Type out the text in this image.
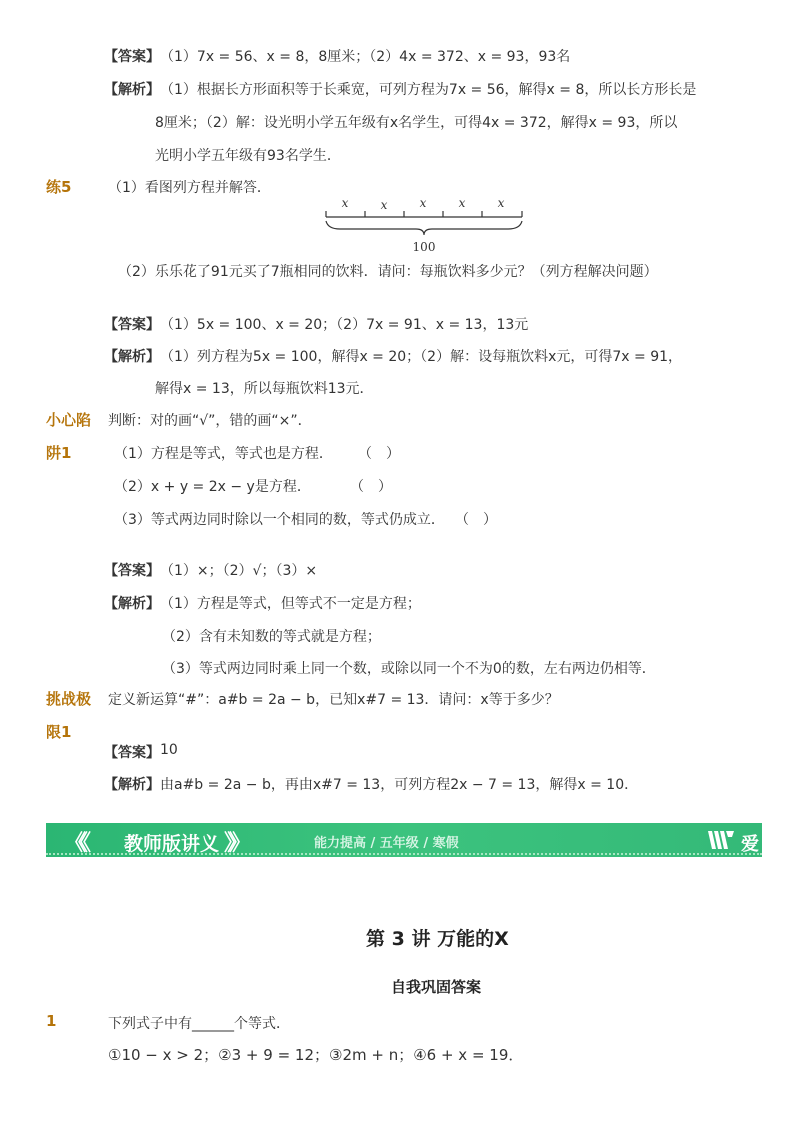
【答案】 （1）7x = 56、x = 8，8厘米；（2）4x = 372、x = 93，93名
【解析】 （1）根据长方形面积等于长乘宽，可列方程为7x = 56，解得x = 8，所以长方形长是
8厘米；（2）解：设光明小学五年级有x名学生，可得4x = 372，解得x = 93，所以
光明小学五年级有93名学生．
练5	（1）看图列方程并解答．
x	x	x	x	x
100
（2）乐乐花了91元买了7瓶相同的饮料．请问：每瓶饮料多少元？（列方程解决问题）
【答案】 （1）5x = 100、x = 20；（2）7x = 91、x = 13，13元
【解析】 （1）列方程为5x = 100，解得x = 20；（2）解：设每瓶饮料x元，可得7x = 91，
解得x = 13，所以每瓶饮料13元．
小心陷
阱1
判断：对的画“√”，错的画“×”．
（1）方程是等式，等式也是方程． （　）
（2）x + y = 2x − y是方程．	（　）
（3）等式两边同时除以一个相同的数，等式仍成立． （　）
【答案】 （1）×；（2）√；（3）×
【解析】 （1）方程是等式，但等式不一定是方程；
（2）含有未知数的等式就是方程；
（3）等式两边同时乘上同一个数，或除以同一个不为0的数，左右两边仍相等．
挑战极
限1
定义新运算“#”：a#b = 2a − b，已知x#7 = 13．请问：x等于多少？
【答案】 10
【解析】 由a#b = 2a − b，再由x#7 = 13，可列方程2x − 7 = 13，解得x = 10．
《《 教师版讲义 》》	能力提高 / 五年级 / 寒假	爱学习
第 3 讲 万能的X
自我巩固答案
1	下列式子中有______个等式．
①10 − x > 2；②3 + 9 = 12；③2m + n；④6 + x = 19．
